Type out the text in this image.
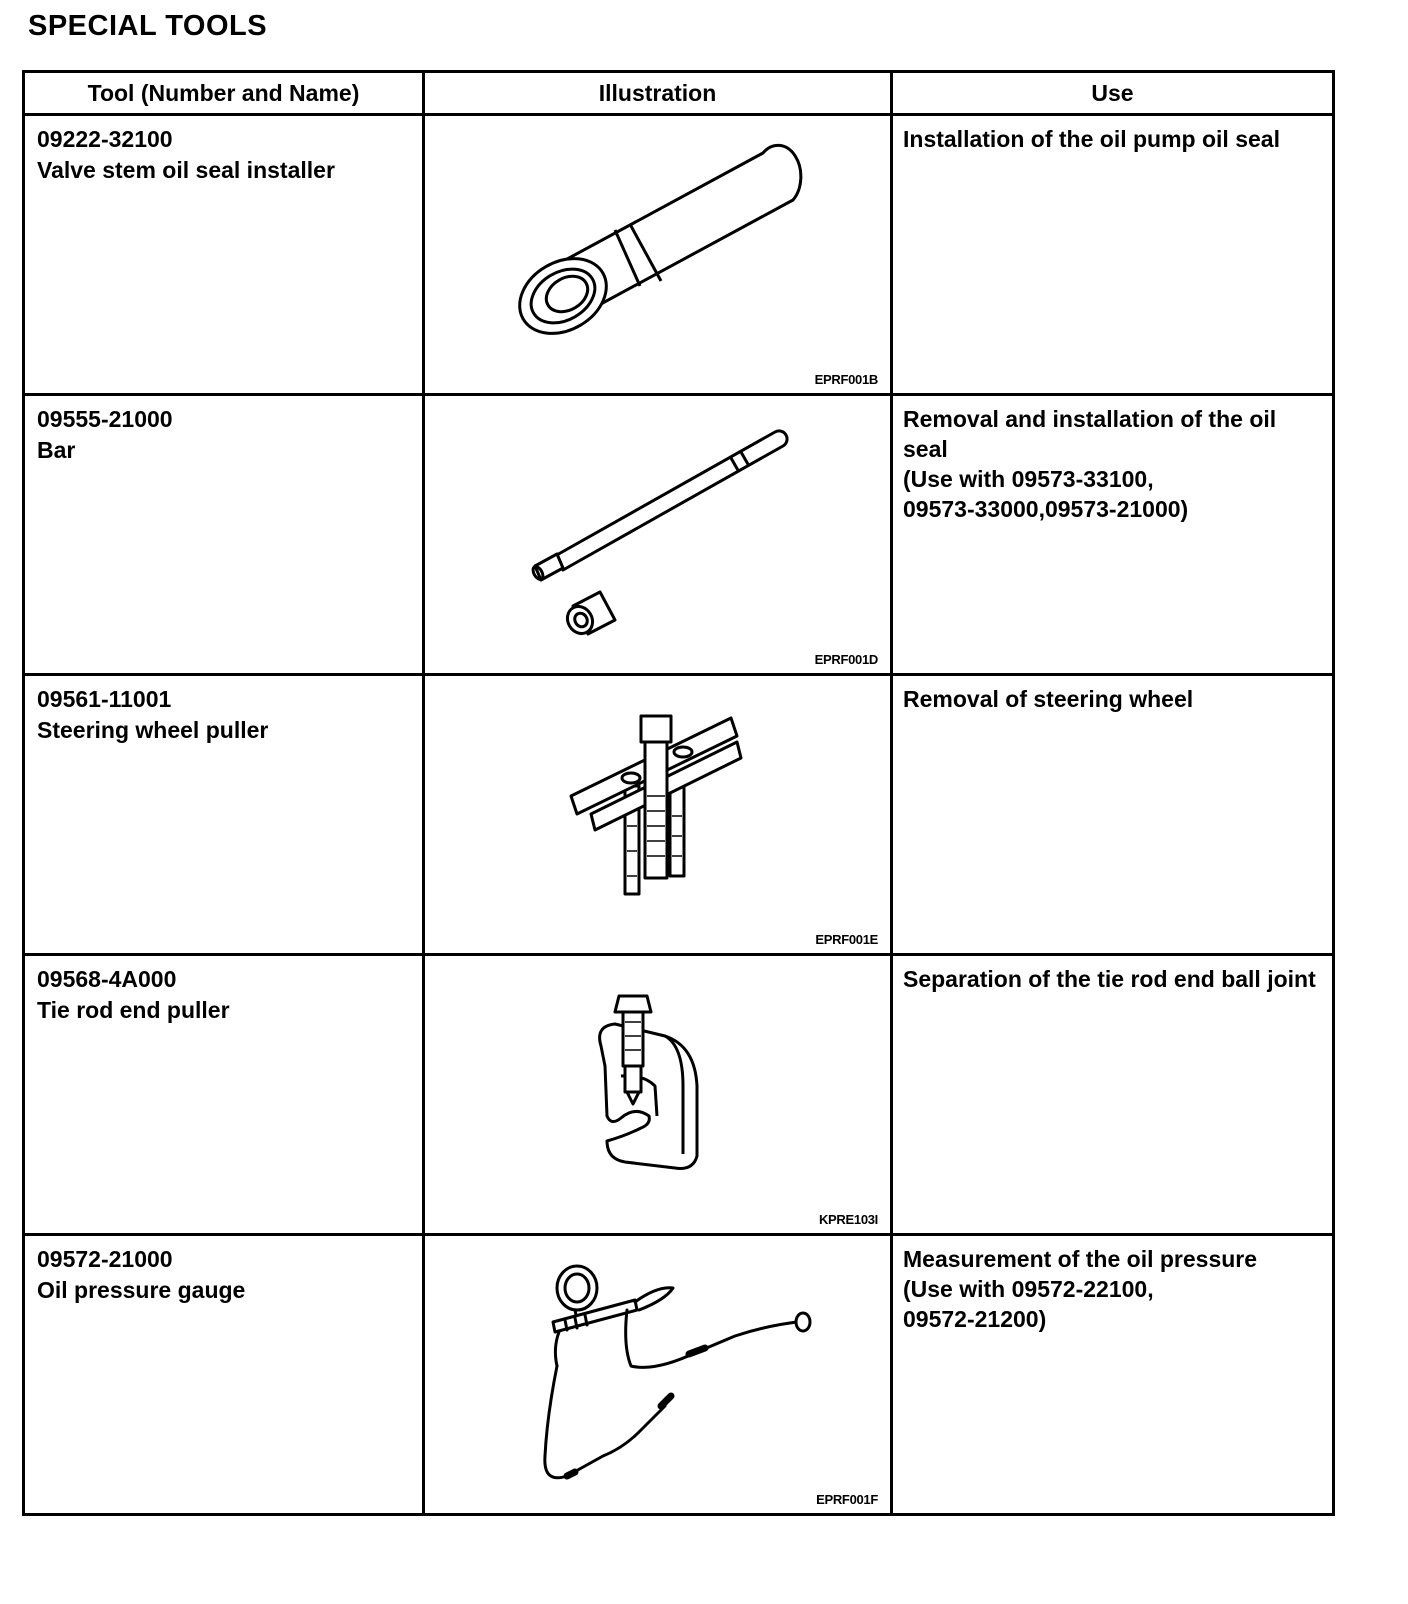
SPECIAL TOOLS
Tool (Number and Name)	Illustration	Use

09222-32100
Valve stem oil seal installer	EPRF001B	Installation of the oil pump oil seal

09555-21000
Bar	EPRF001D	Removal and installation of the oil seal
(Use with 09573-33100,
09573-33000,09573-21000)

09561-11001
Steering wheel puller	EPRF001E	Removal of steering wheel

09568-4A000
Tie rod end puller	KPRE103I	Separation of the tie rod end ball joint

09572-21000
Oil pressure gauge	EPRF001F	Measurement of the oil pressure
(Use with 09572-22100,
09572-21200)
